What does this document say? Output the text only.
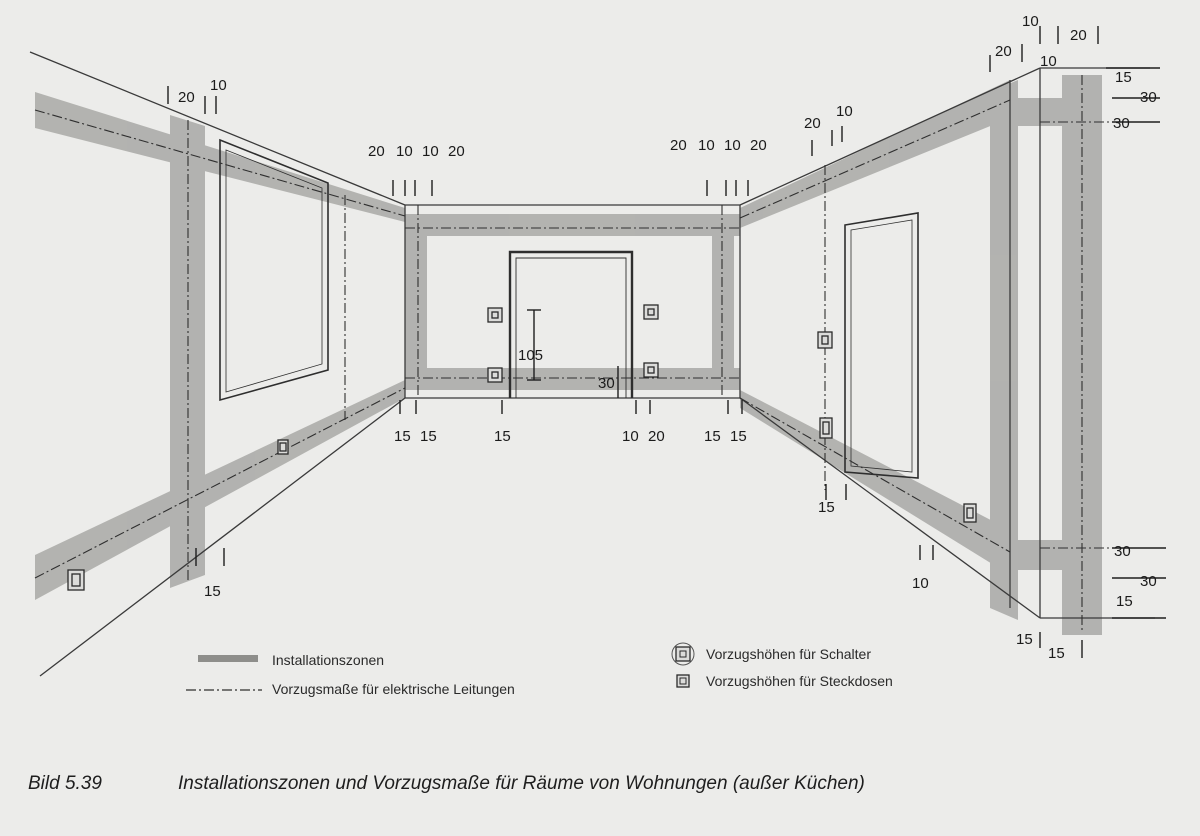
20
10
15
20 10 10 20	20 10 10 20
15 15	15	10 20	15 15
105
30
20
10
15
10
10
20
20
10
15
30
30
30
30
15
15
15
Installationszonen
Vorzugsmaße für elektrische Leitungen
Vorzugshöhen für Schalter
Vorzugshöhen für Steckdosen
Bild 5.39	Installationszonen und Vorzugsmaße für Räume von Wohnungen (außer Küchen)
